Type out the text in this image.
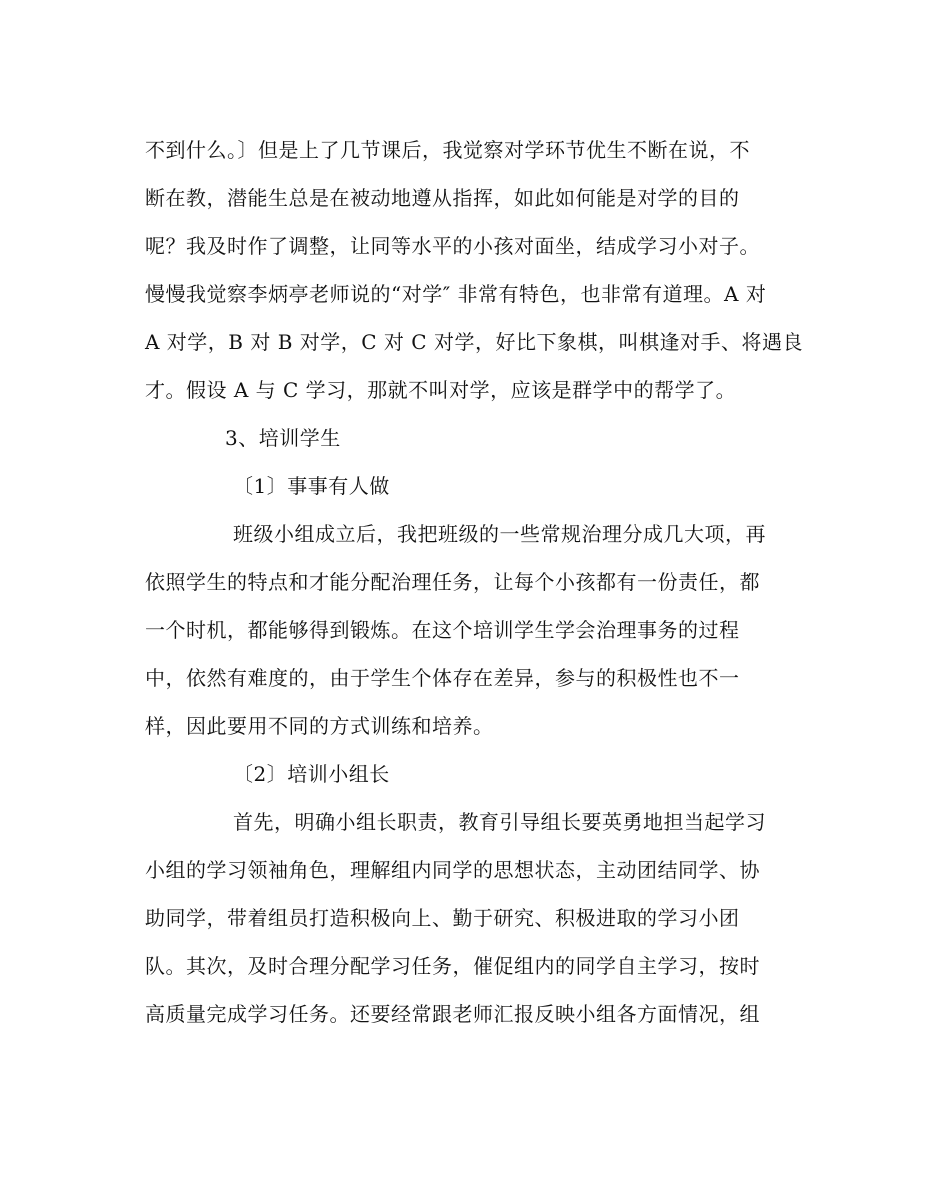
不到什么。〕但是上了几节课后，我觉察对学环节优生不断在说，不
断在教，潜能生总是在被动地遵从指挥，如此如何能是对学的目的
呢？我及时作了调整，让同等水平的小孩对面坐，结成学习小对子。
慢慢我觉察李炳亭老师说的“对学″ 非常有特色，也非常有道理。A 对
A 对学，B 对 B 对学，C 对 C 对学，好比下象棋，叫棋逢对手、将遇良
才。假设 A 与 C 学习，那就不叫对学，应该是群学中的帮学了。
3、培训学生
〔1〕事事有人做
班级小组成立后，我把班级的一些常规治理分成几大项，再
依照学生的特点和才能分配治理任务，让每个小孩都有一份责任，都
一个时机，都能够得到锻炼。在这个培训学生学会治理事务的过程
中，依然有难度的，由于学生个体存在差异，参与的积极性也不一
样，因此要用不同的方式训练和培养。
〔2〕培训小组长
首先，明确小组长职责，教育引导组长要英勇地担当起学习
小组的学习领袖角色，理解组内同学的思想状态，主动团结同学、协
助同学，带着组员打造积极向上、勤于研究、积极进取的学习小团
队。其次，及时合理分配学习任务，催促组内的同学自主学习，按时
高质量完成学习任务。还要经常跟老师汇报反映小组各方面情况，组
